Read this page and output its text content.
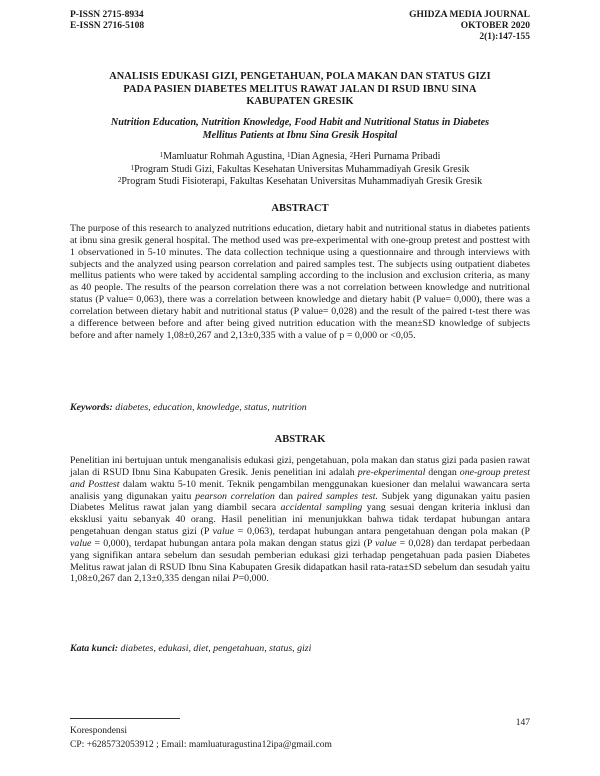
P-ISSN 2715-8934
E-ISSN 2716-5108
GHIDZA MEDIA JOURNAL
OKTOBER 2020
2(1):147-155
ANALISIS EDUKASI GIZI, PENGETAHUAN, POLA MAKAN DAN STATUS GIZI
PADA PASIEN DIABETES MELITUS RAWAT JALAN DI RSUD IBNU SINA
KABUPATEN GRESIK
Nutrition Education, Nutrition Knowledge, Food Habit and Nutritional Status in Diabetes
Mellitus Patients at Ibnu Sina Gresik Hospital
$^1$Mamluatur Rohmah Agustina, $^1$Dian Agnesia, $^2$Heri Purnama Pribadi
$^1$Program Studi Gizi, Fakultas Kesehatan Universitas Muhammadiyah Gresik Gresik
$^2$Program Studi Fisioterapi, Fakultas Kesehatan Universitas Muhammadiyah Gresik Gresik
ABSTRACT
The purpose of this research to analyzed nutritions education, dietary habit and nutritional status in diabetes patients at ibnu sina gresik general hospital. The method used was pre-experimental with one-group pretest and posttest with 1 observationed in 5-10 minutes. The data collection technique using a questionnaire and through interviews with subjects and the analyzed using pearson correlation and paired samples test. The subjects using outpatient diabetes mellitus patients who were taked by accidental sampling according to the inclusion and exclusion criteria, as many as 40 people. The results of the pearson correlation there was a not correlation between knowledge and nutritional status (P value= 0,063), there was a correlation between knowledge and dietary habit (P value= 0,000), there was a correlation between dietary habit and nutritional status (P value= 0,028) and the result of the paired t-test there was a difference between before and after being gived nutrition education with the mean±SD knowledge of subjects before and after namely 1,08±0,267 and 2,13±0,335 with a value of p = 0,000 or <0,05.
Keywords: diabetes, education, knowledge, status, nutrition
ABSTRAK
Penelitian ini bertujuan untuk menganalisis edukasi gizi, pengetahuan, pola makan dan status gizi pada pasien rawat jalan di RSUD Ibnu Sina Kabupaten Gresik. Jenis penelitian ini adalah pre-ekperimental dengan one-group pretest and Posttest dalam waktu 5-10 menit. Teknik pengambilan menggunakan kuesioner dan melalui wawancara serta analisis yang digunakan yaitu pearson correlation dan paired samples test. Subjek yang digunakan yaitu pasien Diabetes Melitus rawat jalan yang diambil secara accidental sampling yang sesuai dengan kriteria inklusi dan eksklusi yaitu sebanyak 40 orang. Hasil penelitian ini menunjukkan bahwa tidak terdapat hubungan antara pengetahuan dengan status gizi (P value = 0,063), terdapat hubungan antara pengetahuan dengan pola makan (P value = 0,000), terdapat hubungan antara pola makan dengan status gizi (P value = 0,028) dan terdapat perbedaan yang signifikan antara sebelum dan sesudah pemberian edukasi gizi terhadap pengetahuan pada pasien Diabetes Melitus rawat jalan di RSUD Ibnu Sina Kabupaten Gresik didapatkan hasil rata-rata±SD sebelum dan sesudah yaitu 1,08±0,267 dan 2,13±0,335 dengan nilai P=0,000.
Kata kunci: diabetes, edukasi, diet, pengetahuan, status, gizi
Korespondensi
CP: +6285732053912 ; Email: mamluaturagustina12ipa@gmail.com
147
